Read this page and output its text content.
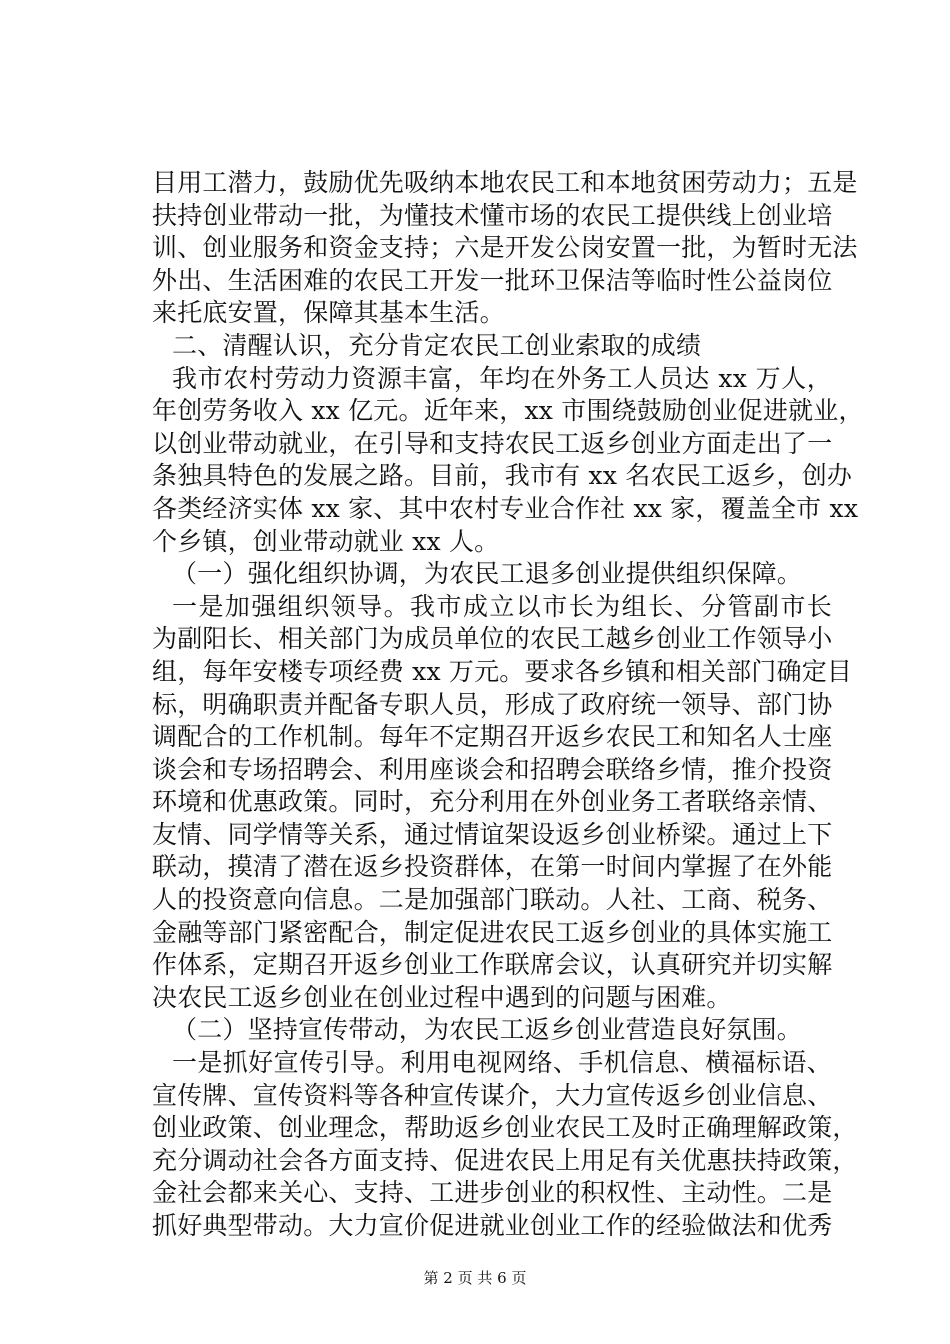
目用工潜力，鼓励优先吸纳本地农民工和本地贫困劳动力；五是
扶持创业带动一批，为懂技术懂市场的农民工提供线上创业培
训、创业服务和资金支持；六是开发公岗安置一批，为暂时无法
外出、生活困难的农民工开发一批环卫保洁等临时性公益岗位
来托底安置，保障其基本生活。
二、清醒认识，充分肯定农民工创业索取的成绩
我市农村劳动力资源丰富，年均在外务工人员达 xx 万人，
年创劳务收入 xx 亿元。近年来，xx 市围绕鼓励创业促进就业，
以创业带动就业，在引导和支持农民工返乡创业方面走出了一
条独具特色的发展之路。目前，我市有 xx 名农民工返乡，创办
各类经济实体 xx 家、其中农村专业合作社 xx 家，覆盖全市 xx
个乡镇，创业带动就业 xx 人。
（一）强化组织协调，为农民工退多创业提供组织保障。
一是加强组织领导。我市成立以市长为组长、分管副市长
为副阳长、相关部门为成员单位的农民工越乡创业工作领导小
组，每年安楼专项经费 xx 万元。要求各乡镇和相关部门确定目
标，明确职责并配备专职人员，形成了政府统一领导、部门协
调配合的工作机制。每年不定期召开返乡农民工和知名人士座
谈会和专场招聘会、利用座谈会和招聘会联络乡情，推介投资
环境和优惠政策。同时，充分利用在外创业务工者联络亲情、
友情、同学情等关系，通过情谊架设返乡创业桥梁。通过上下
联动，摸清了潜在返乡投资群体，在第一时间内掌握了在外能
人的投资意向信息。二是加强部门联动。人社、工商、税务、
金融等部门紧密配合，制定促进农民工返乡创业的具体实施工
作体系，定期召开返乡创业工作联席会议，认真研究并切实解
决农民工返乡创业在创业过程中遇到的问题与困难。
（二）坚持宣传带动，为农民工返乡创业营造良好氛围。
一是抓好宣传引导。利用电视网络、手机信息、横福标语、
宣传牌、宣传资料等各种宣传谋介，大力宣传返乡创业信息、
创业政策、创业理念，帮助返乡创业农民工及时正确理解政策，
充分调动社会各方面支持、促进农民上用足有关优惠扶持政策，
金社会都来关心、支持、工进步创业的积权性、主动性。二是
抓好典型带动。大力宣价促进就业创业工作的经验做法和优秀
第 2 页 共 6 页
